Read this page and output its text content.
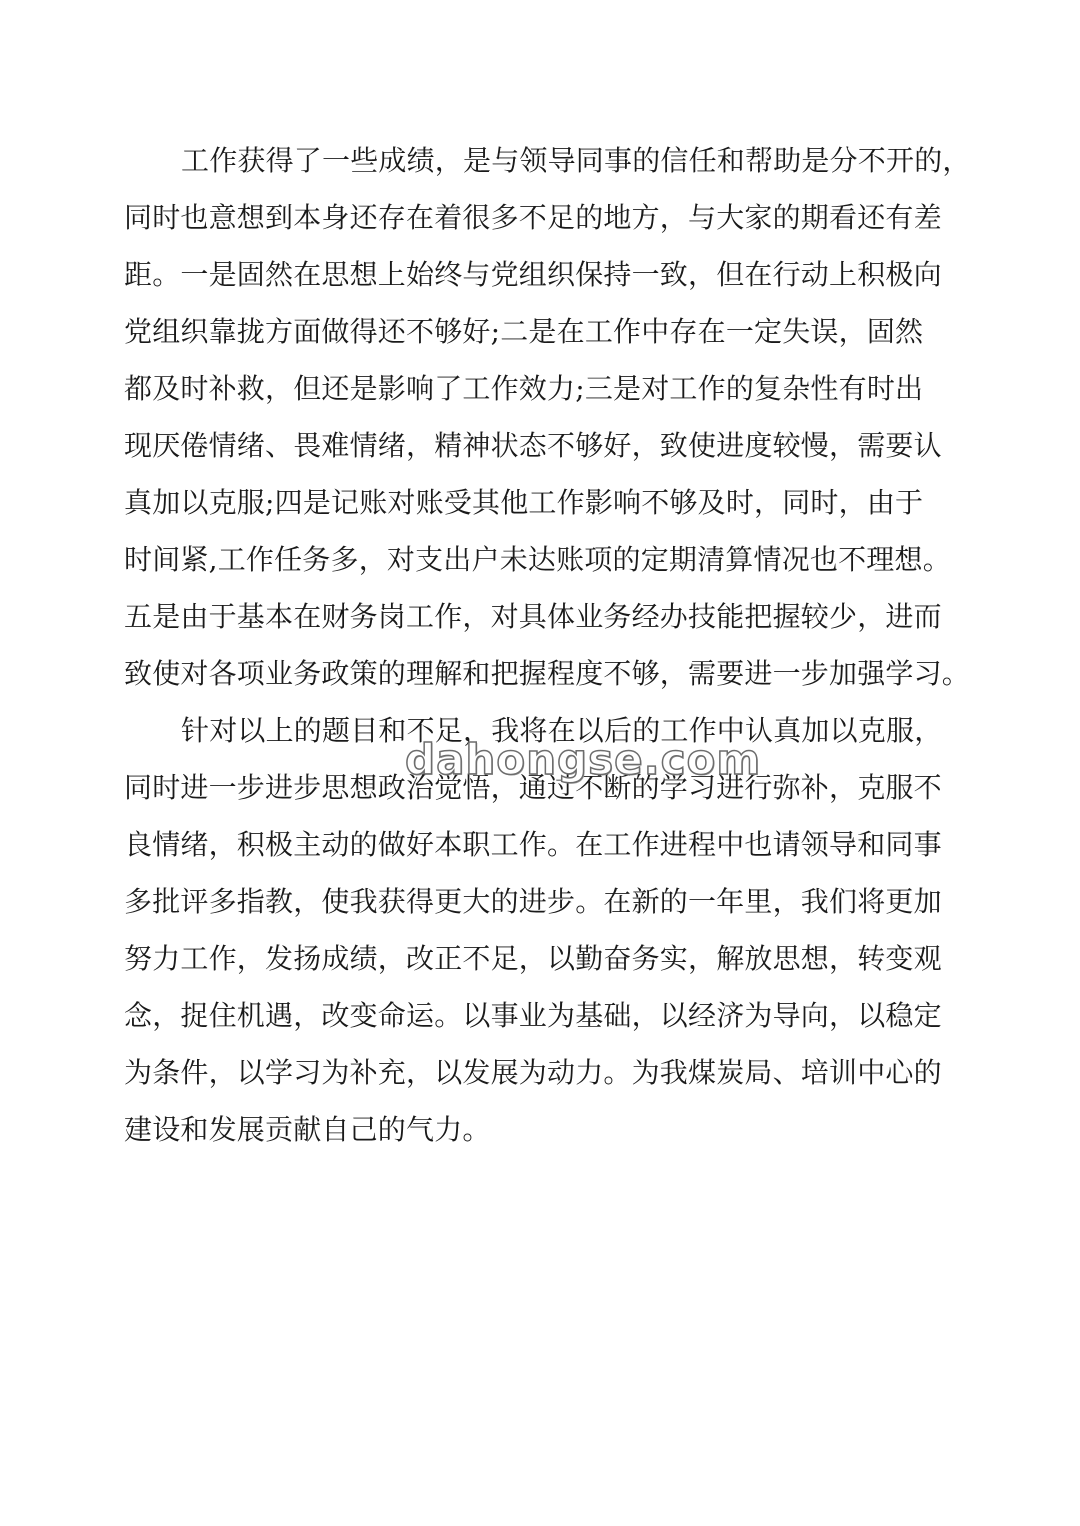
工作获得了一些成绩，是与领导同事的信任和帮助是分不开的，
同时也意想到本身还存在着很多不足的地方，与大家的期看还有差
距。一是固然在思想上始终与党组织保持一致，但在行动上积极向
党组织靠拢方面做得还不够好;二是在工作中存在一定失误，固然
都及时补救，但还是影响了工作效力;三是对工作的复杂性有时出
现厌倦情绪、畏难情绪，精神状态不够好，致使进度较慢，需要认
真加以克服;四是记账对账受其他工作影响不够及时，同时，由于
时间紧,工作任务多，对支出户未达账项的定期清算情况也不理想。
五是由于基本在财务岗工作，对具体业务经办技能把握较少，进而
致使对各项业务政策的理解和把握程度不够，需要进一步加强学习。
针对以上的题目和不足，我将在以后的工作中认真加以克服，
同时进一步进步思想政治觉悟，通过不断的学习进行弥补，克服不
良情绪，积极主动的做好本职工作。在工作进程中也请领导和同事
多批评多指教，使我获得更大的进步。在新的一年里，我们将更加
努力工作，发扬成绩，改正不足，以勤奋务实，解放思想，转变观
念，捉住机遇，改变命运。以事业为基础，以经济为导向，以稳定
为条件，以学习为补充，以发展为动力。为我煤炭局、培训中心的
建设和发展贡献自己的气力。
dahongse.com
